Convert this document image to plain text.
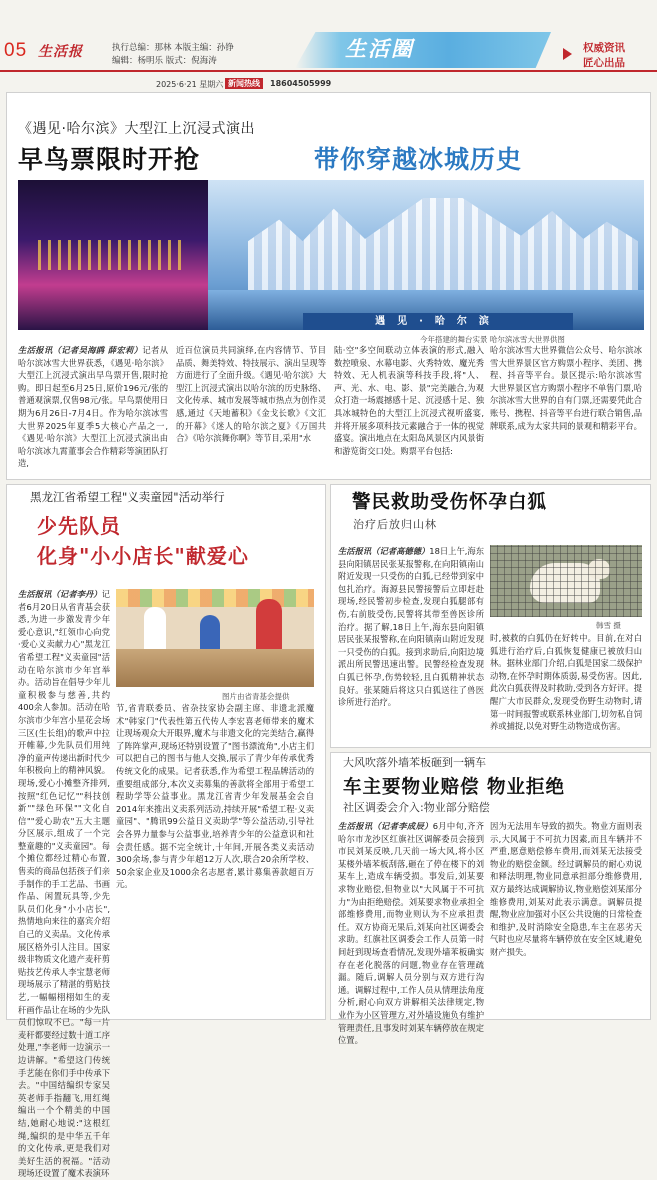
05 生活报	执行总编：那林 本版主编：孙铮
编辑：杨明乐 版式：倪海涛	生活圈	权威资讯
匠心出品
2025·6·21 星期六 新闻热线	18604505999
《遇见·哈尔滨》大型江上沉浸式演出
早鸟票限时开抢	带你穿越冰城历史
遇见·哈尔滨
今年搭建的舞台实景 哈尔滨冰雪大世界供图
生活报讯（记者吴海鸥 薛宏莉）记者从哈尔滨冰雪大世界获悉，《遇见·哈尔滨》大型江上沉浸式演出早鸟票开售,限时抢购。即日起至6月25日,原价196元/张的普通观演票,仅售98元/张。早鸟票使用日期为6月26日-7月4日。作为哈尔滨冰雪大世界2025年夏季5大核心产品之一,《遇见·哈尔滨》大型江上沉浸式演出由哈尔滨冰九霄董事会合作精彩等演团队打造,
近百位演员共同演绎,在内容情节、节目品质、舞美特效、特技展示、演出呈现等方面进行了全面升级。《遇见·哈尔滨》大型江上沉浸式演出以哈尔滨的历史脉络、文化传承、城市发展等城市热点为创作灵感,通过《天地蓄积》《金戈长歌》《文汇的开幕》《迷人的哈尔滨之夏》《万国共合》《哈尔滨舞你啊》等节目,采用"水
陆·空"多空间联动立体表演的形式,融入数控喷泉、水幕电影、火秀特效、魔光秀特效、无人机表演等科技手段,将"人、声、光、水、电、影、景"完美融合,为观众打造一场震撼感十足、沉浸感十足、独具冰城特色的大型江上沉浸式视听盛宴,并将开展多项科技元素融合于一体的视觉盛宴。演出地点在太阳岛风景区内风景街和游览街交口处。购票平台包括:
哈尔滨冰雪大世界微信公众号、哈尔滨冰雪大世界景区官方购票小程序、美团、携程、抖音等平台。景区提示:哈尔滨冰雪大世界景区官方购票小程序不单售门票,哈尔滨冰雪大世界的自有门票,还需要凭此合账号、携程、抖音等平台进行联合销售,品牌联系,成为太家共同的景观和精彩平台。
黑龙江省希望工程"义卖童园"活动举行
少先队员
化身"小小店长"献爱心
图片由省青基会提供
生活报讯（记者李丹）记者6月20日从省青基会获悉,为进一步激发青少年爱心意识,"红领巾心向党·爱心义卖献力心"黑龙江省希望工程"义卖童园"活动在哈尔滨市少年宫举办。活动旨在倡导少年儿童积极参与慈善,共约400余人参加。活动在哈尔滨市少年宫小星花会场三区(生长组)的歌声中拉开帷幕,少先队员们用纯净的童声传递出新时代少年积极向上的精神风貌。现场,爱心小摊整齐排列,按照"红色记忆""科技创新""绿色环保""文化自信""爱心助农"五大主题分区展示,组成了一个完整童趣的"义卖童园"。每个摊位都经过精心布置,售卖的商品包括孩子们亲手制作的手工艺品、书画作品、闲置玩具等,少先队员们化身"小小店长",热情地向来往的嘉宾介绍自己的义卖品。文化传承展区格外引人注目。国家级非物质文化遗产麦秆剪贴技艺传承人李宝慧老师现场展示了精湛的剪贴技艺,一幅幅栩栩如生的麦秆画作品让在场的少先队员们惊叹不已。"每一片麦秆都要经过数十道工序处理,"李老师一边演示一边讲解。"希望这门传统手艺能在你们手中传承下去。"中国结编织专家吴英老师手指翻飞,用红绳编出一个个精美的中国结,她耐心地说:"这根红绳,编织的是中华五千年的文化传承,更是我们对美好生活的祝福。"活动现场还设置了魔术表演环
节,省青联委员、省杂技家协会副主席、非遗北派魔术"韩家门"代表性第五代传人李宏喜老师带来的魔术让现场观众大开眼界,魔术与非遗文化的完美结合,赢得了阵阵掌声,现场还特别设置了"图书漂流角",小店主们可以把自己的图书与他人交换,展示了青少年传承优秀传统文化的成果。记者获悉,作为希望工程品牌活动的重要组成部分,本次义卖募集的善款将全部用于希望工程助学等公益事业。黑龙江省青少年发展基金会自2014年来推出义卖系列活动,持续开展"希望工程·义卖童园"、"腾讯99公益日义卖助学"等公益活动,引导社会各界力量参与公益事业,培养青少年的公益意识和社会责任感。据不完全统计,十年间,开展各类义卖活动300余场,参与青少年超12万人次,联合20余所学校、50余家企业及1000余名志愿者,累计募集善款超百万元。
警民救助受伤怀孕白狐
治疗后放归山林
韩雪 摄
生活报讯（记者高德德）18日上午,海东县向阳镇居民张某报警称,在向阳镇南山附近发现一只受伤的白狐,已经带到家中包扎治疗。海源县民警接警后立即赶赴现场,经民警初步检查,发现白狐腿部有伤,右前肢受伤,民警将其带至兽医诊所治疗。据了解,18日上午,海东县向阳镇居民张某报警称,在向阳镇南山附近发现一只受伤的白狐。接到求助后,向阳边境派出所民警迅速出警。民警经检查发现白狐已怀孕,伤势较轻,且白狐精神状态良好。张某随后将这只白狐送往了兽医诊所进行治疗。
时,被救的白狐仍在好转中。目前,在对白狐进行治疗后,白狐恢复健康已被放归山林。据林业部门介绍,白狐是国家二级保护动物,在怀孕时期体质弱,易受伤害。因此,此次白狐获得及时救助,受到各方好评。提醒广大市民群众,发现受伤野生动物时,请第一时间报警或联系林业部门,切勿私自饲养或捕捉,以免对野生动物造成伤害。
大风吹落外墙苯板砸到一辆车
车主要物业赔偿 物业拒绝
社区调委会介入:物业部分赔偿
生活报讯（记者李成辰）6月中旬,齐齐哈尔市龙沙区红旗社区调解委员会接到市民刘某反映,几天前一场大风,将小区某楼外墙苯板刮落,砸在了停在楼下的刘某车上,造成车辆受损。事发后,刘某要求物业赔偿,但物业以"大风属于不可抗力"为由拒绝赔偿。刘某要求物业承担全部维修费用,而物业则认为不应承担责任。双方协商无果后,刘某向社区调委会求助。红旗社区调委会工作人员第一时间赶到现场查看情况,发现外墙苯板确实存在老化脱落的问题,物业存在管理疏漏。随后,调解人员分别与双方进行沟通。调解过程中,工作人员从情理法角度分析,耐心向双方讲解相关法律规定,物业作为小区管理方,对外墙设施负有维护管理责任,且事发时刘某车辆停放在规定位置。
因为无法用车导致的损失。物业方面则表示,大风属于不可抗力因素,而且车辆并不严重,愿意赔偿修车费用,而刘某无法接受物业的赔偿金额。经过调解员的耐心劝说和释法明理,物业同意承担部分维修费用,双方最终达成调解协议,物业赔偿刘某部分维修费用,刘某对此表示满意。调解员提醒,物业应加强对小区公共设施的日常检查和维护,及时消除安全隐患,车主在恶劣天气时也应尽量将车辆停放在安全区域,避免财产损失。
